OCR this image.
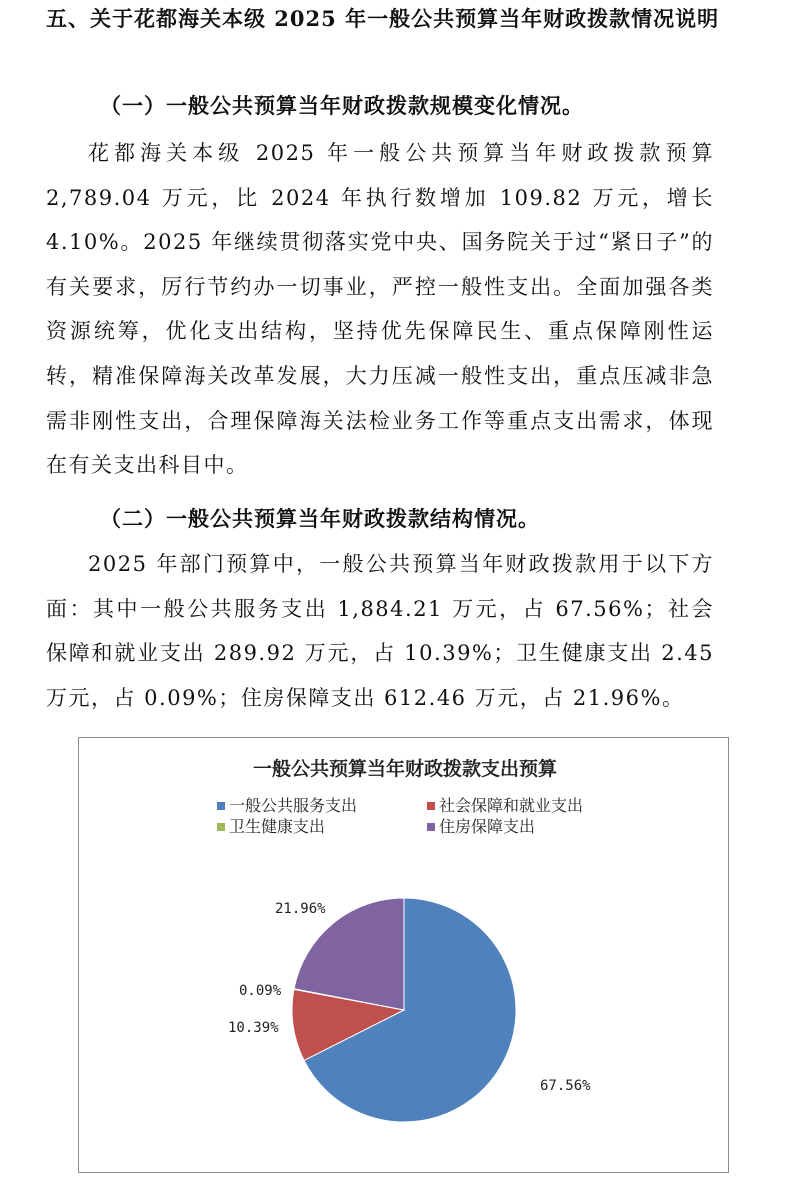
五、关于花都海关本级 2025 年一般公共预算当年财政拨款情况说明
（一）一般公共预算当年财政拨款规模变化情况。
花都海关本级 2025 年一般公共预算当年财政拨款预算 2,789.04 万元，比 2024 年执行数增加 109.82 万元，增长 4.10%。2025 年继续贯彻落实党中央、国务院关于过“紧日子”的有关要求，厉行节约办一切事业，严控一般性支出。全面加强各类资源统筹，优化支出结构，坚持优先保障民生、重点保障刚性运转，精准保障海关改革发展，大力压减一般性支出，重点压减非急需非刚性支出，合理保障海关法检业务工作等重点支出需求，体现在有关支出科目中。
（二）一般公共预算当年财政拨款结构情况。
2025 年部门预算中，一般公共预算当年财政拨款用于以下方面：其中一般公共服务支出 1,884.21 万元，占 67.56%；社会保障和就业支出 289.92 万元，占 10.39%；卫生健康支出 2.45 万元，占 0.09%；住房保障支出 612.46 万元，占 21.96%。
一般公共预算当年财政拨款支出预算
一般公共服务支出	社会保障和就业支出
卫生健康支出	住房保障支出
67.56%
10.39%
0.09%
21.96%
